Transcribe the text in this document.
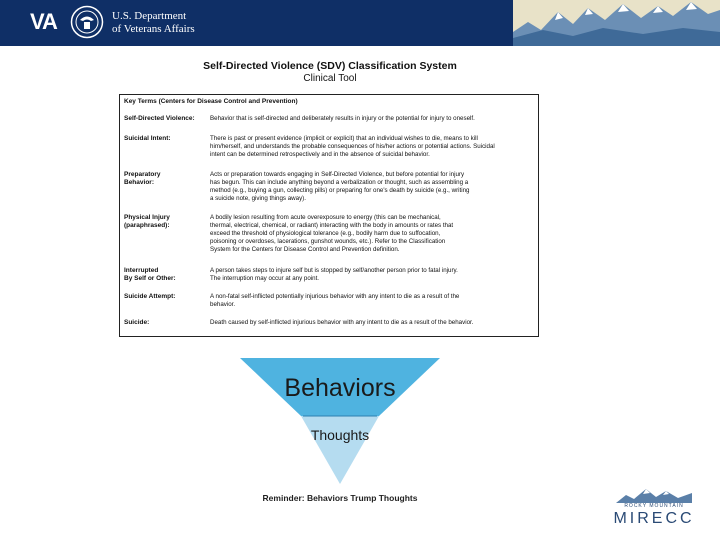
VA	U.S. Department
of Veterans Affairs
Self-Directed Violence (SDV) Classification System
Clinical Tool
Key Terms (Centers for Disease Control and Prevention)
Self-Directed Violence:	Behavior that is self-directed and deliberately results in injury or the potential for injury to oneself.
Suicidal Intent:	There is past or present evidence (implicit or explicit) that an individual wishes to die, means to kill
him/herself, and understands the probable consequences of his/her actions or potential actions. Suicidal
intent can be determined retrospectively and in the absence of suicidal behavior.
Preparatory
Behavior:
Acts or preparation towards engaging in Self-Directed Violence, but before potential for injury
has begun. This can include anything beyond a verbalization or thought, such as assembling a
method (e.g., buying a gun, collecting pills) or preparing for one's death by suicide (e.g., writing
a suicide note, giving things away).
Physical Injury
(paraphrased):
A bodily lesion resulting from acute overexposure to energy (this can be mechanical,
thermal, electrical, chemical, or radiant) interacting with the body in amounts or rates that
exceed the threshold of physiological tolerance (e.g., bodily harm due to suffocation,
poisoning or overdoses, lacerations, gunshot wounds, etc.). Refer to the Classification
System for the Centers for Disease Control and Prevention definition.
Interrupted
By Self or Other:
A person takes steps to injure self but is stopped by self/another person prior to fatal injury.
The interruption may occur at any point.
Suicide Attempt:	A non-fatal self-inflicted potentially injurious behavior with any intent to die as a result of the
behavior.
Suicide:	Death caused by self-inflicted injurious behavior with any intent to die as a result of the behavior.
Behaviors
Thoughts
Reminder: Behaviors Trump Thoughts
ROCKY MOUNTAIN
MIRECC
